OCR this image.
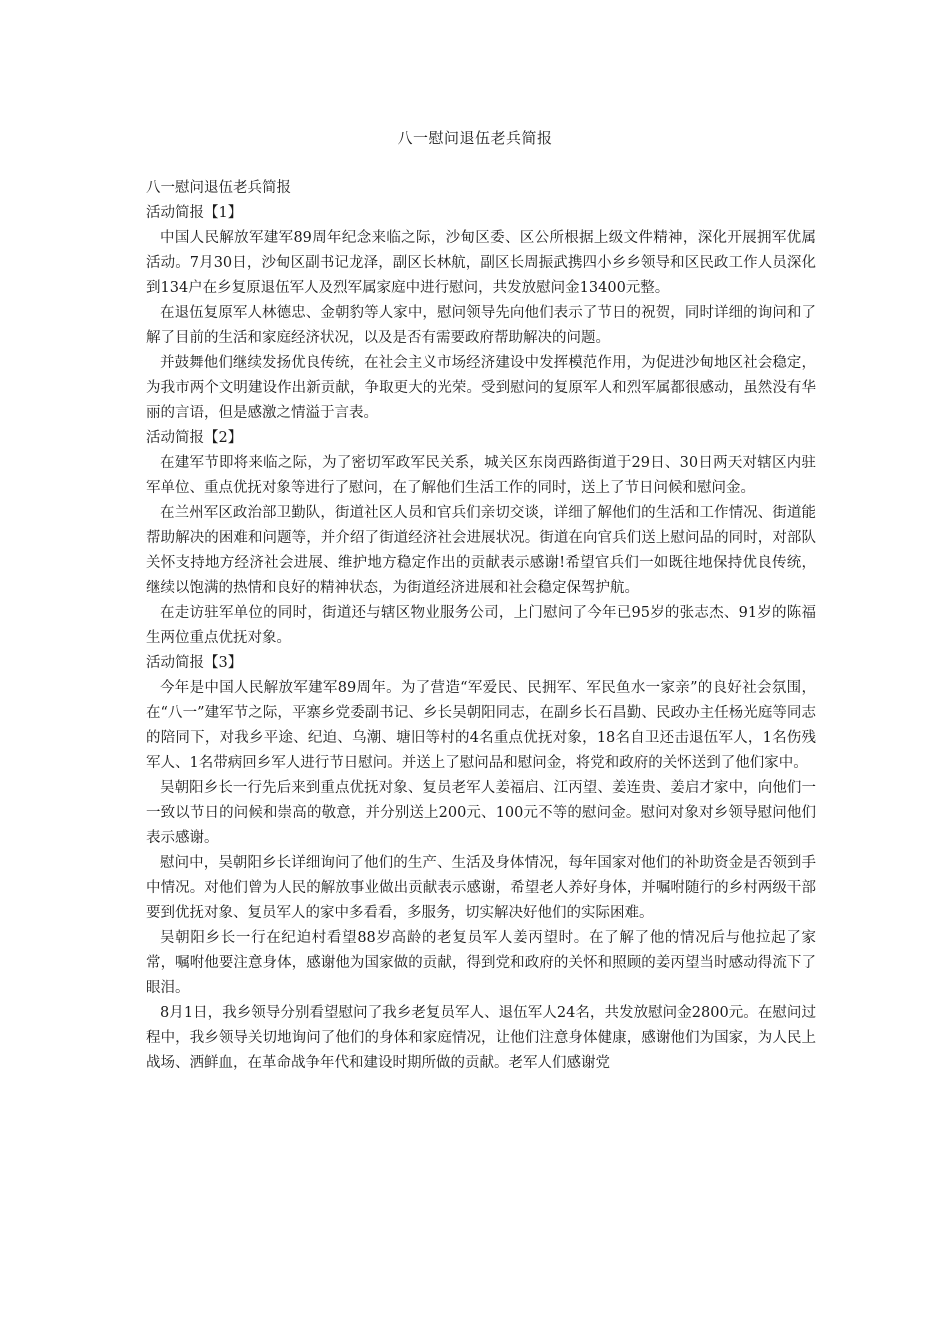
八一慰问退伍老兵简报

八一慰问退伍老兵简报

活动简报【1】

中国人民解放军建军89周年纪念来临之际，沙甸区委、区公所根据上级文件精神，深化开展拥军优属活动。7月30日，沙甸区副书记龙泽，副区长林航，副区长周振武携四小乡乡领导和区民政工作人员深化到134户在乡复原退伍军人及烈军属家庭中进行慰问，共发放慰问金13400元整。

在退伍复原军人林德忠、金朝豹等人家中，慰问领导先向他们表示了节日的祝贺，同时详细的询问和了解了目前的生活和家庭经济状况，以及是否有需要政府帮助解决的问题。

并鼓舞他们继续发扬优良传统，在社会主义市场经济建设中发挥模范作用，为促进沙甸地区社会稳定，为我市两个文明建设作出新贡献，争取更大的光荣。受到慰问的复原军人和烈军属都很感动，虽然没有华丽的言语，但是感激之情溢于言表。

活动简报【2】

在建军节即将来临之际，为了密切军政军民关系，城关区东岗西路街道于29日、30日两天对辖区内驻军单位、重点优抚对象等进行了慰问，在了解他们生活工作的同时，送上了节日问候和慰问金。

在兰州军区政治部卫勤队，街道社区人员和官兵们亲切交谈，详细了解他们的生活和工作情况、街道能帮助解决的困难和问题等，并介绍了街道经济社会进展状况。街道在向官兵们送上慰问品的同时，对部队关怀支持地方经济社会进展、维护地方稳定作出的贡献表示感谢!希望官兵们一如既往地保持优良传统，继续以饱满的热情和良好的精神状态，为街道经济进展和社会稳定保驾护航。

在走访驻军单位的同时，街道还与辖区物业服务公司，上门慰问了今年已95岁的张志杰、91岁的陈福生两位重点优抚对象。

活动简报【3】

今年是中国人民解放军建军89周年。为了营造“军爱民、民拥军、军民鱼水一家亲”的良好社会氛围，在“八一”建军节之际，平寨乡党委副书记、乡长吴朝阳同志，在副乡长石昌勤、民政办主任杨光庭等同志的陪同下，对我乡平途、纪迫、乌潮、塘旧等村的4名重点优抚对象，18名自卫还击退伍军人，1名伤残军人、1名带病回乡军人进行节日慰问。并送上了慰问品和慰问金，将党和政府的关怀送到了他们家中。

吴朝阳乡长一行先后来到重点优抚对象、复员老军人姜福启、江丙望、姜连贵、姜启才家中，向他们一一致以节日的问候和崇高的敬意，并分别送上200元、100元不等的慰问金。慰问对象对乡领导慰问他们表示感谢。

慰问中，吴朝阳乡长详细询问了他们的生产、生活及身体情况，每年国家对他们的补助资金是否领到手中情况。对他们曾为人民的解放事业做出贡献表示感谢，希望老人养好身体，并嘱咐随行的乡村两级干部要到优抚对象、复员军人的家中多看看，多服务，切实解决好他们的实际困难。

吴朝阳乡长一行在纪迫村看望88岁高龄的老复员军人姜丙望时。在了解了他的情况后与他拉起了家常，嘱咐他要注意身体，感谢他为国家做的贡献，得到党和政府的关怀和照顾的姜丙望当时感动得流下了眼泪。

8月1日，我乡领导分别看望慰问了我乡老复员军人、退伍军人24名，共发放慰问金2800元。在慰问过程中，我乡领导关切地询问了他们的身体和家庭情况，让他们注意身体健康，感谢他们为国家，为人民上战场、洒鲜血，在革命战争年代和建设时期所做的贡献。老军人们感谢党
